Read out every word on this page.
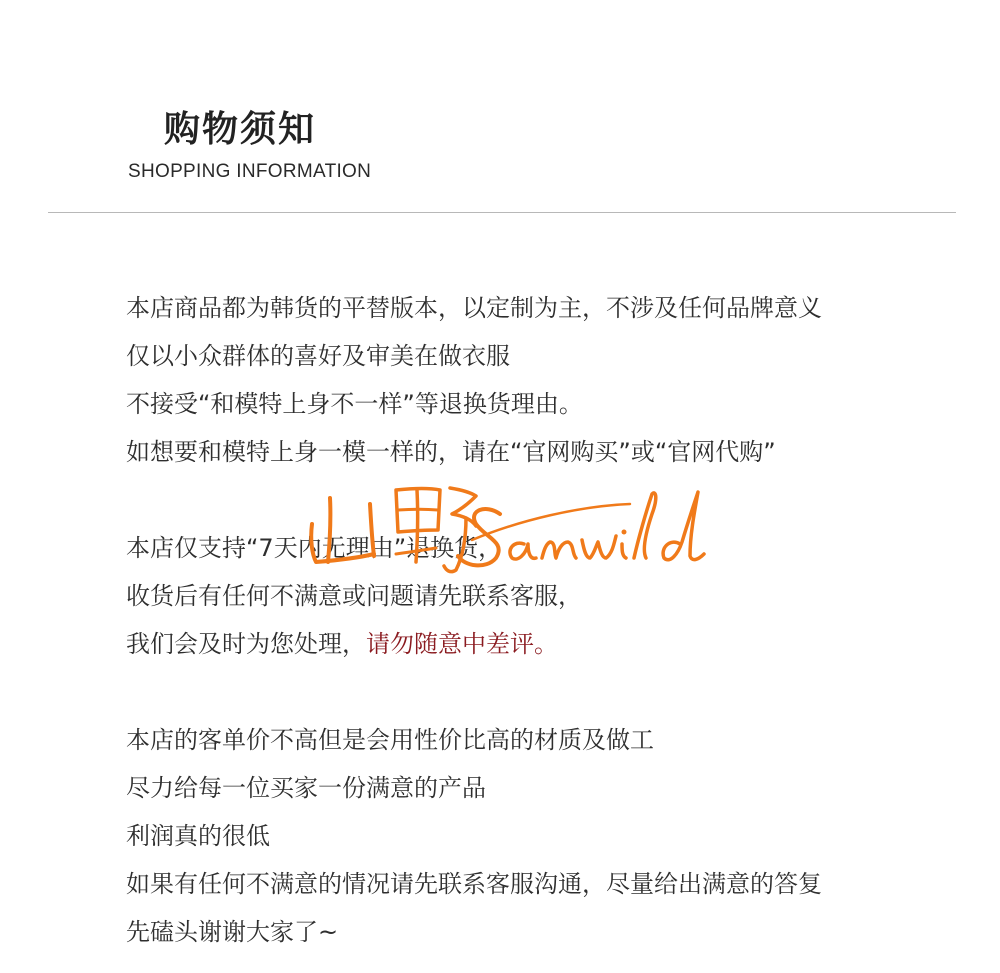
购物须知
SHOPPING INFORMATION
本店商品都为韩货的平替版本，以定制为主，不涉及任何品牌意义
仅以小众群体的喜好及审美在做衣服
不接受“和模特上身不一样”等退换货理由。
如想要和模特上身一模一样的，请在“官网购买”或“官网代购”
本店仅支持“7天内无理由”退换货，
收货后有任何不满意或问题请先联系客服，
我们会及时为您处理，请勿随意中差评。
本店的客单价不高但是会用性价比高的材质及做工
尽力给每一位买家一份满意的产品
利润真的很低
如果有任何不满意的情况请先联系客服沟通，尽量给出满意的答复
先磕头谢谢大家了~
